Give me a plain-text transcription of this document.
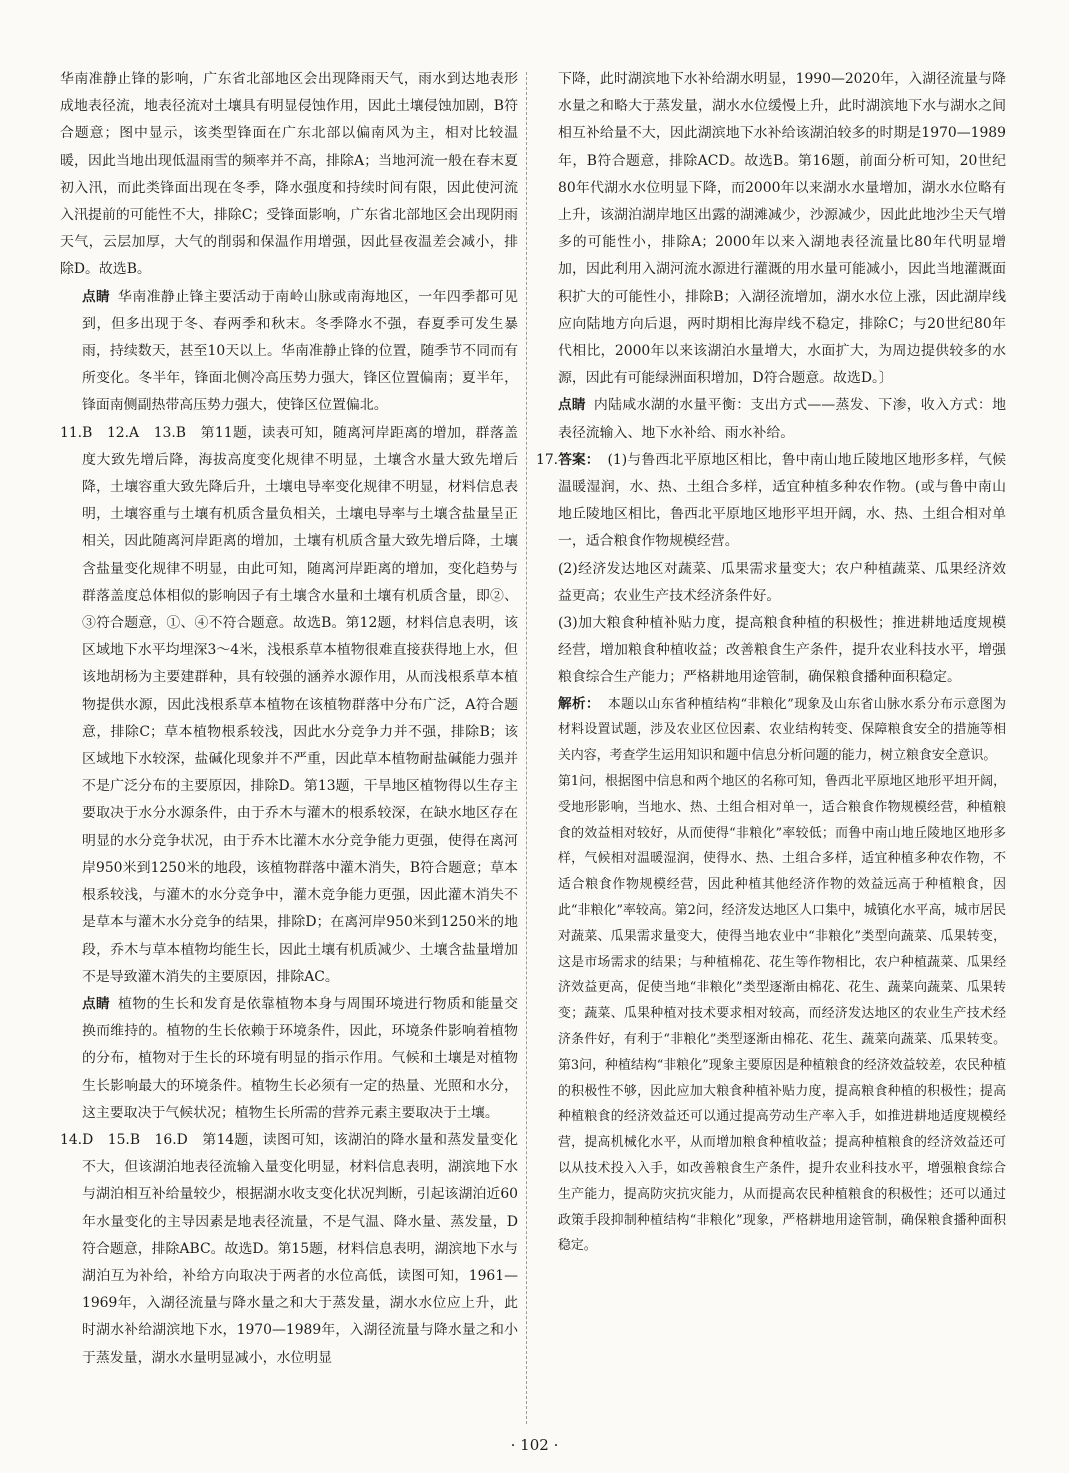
华南准静止锋的影响，广东省北部地区会出现降雨天气，雨水到达地表形成地表径流，地表径流对土壤具有明显侵蚀作用，因此土壤侵蚀加剧，B符合题意；图中显示，该类型锋面在广东北部以偏南风为主，相对比较温暖，因此当地出现低温雨雪的频率并不高，排除A；当地河流一般在春末夏初入汛，而此类锋面出现在冬季，降水强度和持续时间有限，因此使河流入汛提前的可能性不大，排除C；受锋面影响，广东省北部地区会出现阴雨天气，云层加厚，大气的削弱和保温作用增强，因此昼夜温差会减小，排除D。故选B。

点睛 华南准静止锋主要活动于南岭山脉或南海地区，一年四季都可见到，但多出现于冬、春两季和秋末。冬季降水不强，春夏季可发生暴雨，持续数天，甚至10天以上。华南准静止锋的位置，随季节不同而有所变化。冬半年，锋面北侧冷高压势力强大，锋区位置偏南；夏半年，锋面南侧副热带高压势力强大，使锋区位置偏北。

11.B　12.A　13.B　第11题，读表可知，随离河岸距离的增加，群落盖度大致先增后降，海拔高度变化规律不明显，土壤含水量大致先增后降，土壤容重大致先降后升，土壤电导率变化规律不明显，材料信息表明，土壤容重与土壤有机质含量负相关，土壤电导率与土壤含盐量呈正相关，因此随离河岸距离的增加，土壤有机质含量大致先增后降，土壤含盐量变化规律不明显，由此可知，随离河岸距离的增加，变化趋势与群落盖度总体相似的影响因子有土壤含水量和土壤有机质含量，即②、③符合题意，①、④不符合题意。故选B。第12题，材料信息表明，该区域地下水平均埋深3～4米，浅根系草本植物很难直接获得地上水，但该地胡杨为主要建群种，具有较强的涵养水源作用，从而浅根系草本植物提供水源，因此浅根系草本植物在该植物群落中分布广泛，A符合题意，排除C；草本植物根系较浅，因此水分竞争力并不强，排除B；该区域地下水较深，盐碱化现象并不严重，因此草本植物耐盐碱能力强并不是广泛分布的主要原因，排除D。第13题，干旱地区植物得以生存主要取决于水分水源条件，由于乔木与灌木的根系较深，在缺水地区存在明显的水分竞争状况，由于乔木比灌木水分竞争能力更强，使得在离河岸950米到1250米的地段，该植物群落中灌木消失，B符合题意；草本根系较浅，与灌木的水分竞争中，灌木竞争能力更强，因此灌木消失不是草本与灌木水分竞争的结果，排除D；在离河岸950米到1250米的地段，乔木与草本植物均能生长，因此土壤有机质减少、土壤含盐量增加不是导致灌木消失的主要原因，排除AC。

点睛 植物的生长和发育是依靠植物本身与周围环境进行物质和能量交换而维持的。植物的生长依赖于环境条件，因此，环境条件影响着植物的分布，植物对于生长的环境有明显的指示作用。气候和土壤是对植物生长影响最大的环境条件。植物生长必须有一定的热量、光照和水分，这主要取决于气候状况；植物生长所需的营养元素主要取决于土壤。

14.D　15.B　16.D　第14题，读图可知，该湖泊的降水量和蒸发量变化不大，但该湖泊地表径流输入量变化明显，材料信息表明，湖滨地下水与湖泊相互补给量较少，根据湖水收支变化状况判断，引起该湖泊近60年水量变化的主导因素是地表径流量，不是气温、降水量、蒸发量，D符合题意，排除ABC。故选D。第15题，材料信息表明，湖滨地下水与湖泊互为补给，补给方向取决于两者的水位高低，读图可知，1961—1969年，入湖径流量与降水量之和大于蒸发量，湖水水位应上升，此时湖水补给湖滨地下水，1970—1989年，入湖径流量与降水量之和小于蒸发量，湖水水量明显减小，水位明显

下降，此时湖滨地下水补给湖水明显，1990—2020年，入湖径流量与降水量之和略大于蒸发量，湖水水位缓慢上升，此时湖滨地下水与湖水之间相互补给量不大，因此湖滨地下水补给该湖泊较多的时期是1970—1989年，B符合题意，排除ACD。故选B。第16题，前面分析可知，20世纪80年代湖水水位明显下降，而2000年以来湖水水量增加，湖水水位略有上升，该湖泊湖岸地区出露的湖滩减少，沙源减少，因此此地沙尘天气增多的可能性小，排除A；2000年以来入湖地表径流量比80年代明显增加，因此利用入湖河流水源进行灌溉的用水量可能减小，因此当地灌溉面积扩大的可能性小，排除B；入湖径流增加，湖水水位上涨，因此湖岸线应向陆地方向后退，两时期相比海岸线不稳定，排除C；与20世纪80年代相比，2000年以来该湖泊水量增大，水面扩大，为周边提供较多的水源，因此有可能绿洲面积增加，D符合题意。故选D。〕

点睛 内陆咸水湖的水量平衡：支出方式——蒸发、下渗，收入方式：地表径流输入、地下水补给、雨水补给。

17.答案： (1)与鲁西北平原地区相比，鲁中南山地丘陵地区地形多样，气候温暖湿润，水、热、土组合多样，适宜种植多种农作物。(或与鲁中南山地丘陵地区相比，鲁西北平原地区地形平坦开阔，水、热、土组合相对单一，适合粮食作物规模经营。

(2)经济发达地区对蔬菜、瓜果需求量变大；农户种植蔬菜、瓜果经济效益更高；农业生产技术经济条件好。

(3)加大粮食种植补贴力度，提高粮食种植的积极性；推进耕地适度规模经营，增加粮食种植收益；改善粮食生产条件，提升农业科技水平，增强粮食综合生产能力；严格耕地用途管制，确保粮食播种面积稳定。

解析： 本题以山东省种植结构“非粮化”现象及山东省山脉水系分布示意图为材料设置试题，涉及农业区位因素、农业结构转变、保障粮食安全的措施等相关内容，考查学生运用知识和题中信息分析问题的能力，树立粮食安全意识。

第1问，根据图中信息和两个地区的名称可知，鲁西北平原地区地形平坦开阔，受地形影响，当地水、热、土组合相对单一，适合粮食作物规模经营，种植粮食的效益相对较好，从而使得“非粮化”率较低；而鲁中南山地丘陵地区地形多样，气候相对温暖湿润，使得水、热、土组合多样，适宜种植多种农作物，不适合粮食作物规模经营，因此种植其他经济作物的效益远高于种植粮食，因此“非粮化”率较高。第2问，经济发达地区人口集中，城镇化水平高，城市居民对蔬菜、瓜果需求量变大，使得当地农业中“非粮化”类型向蔬菜、瓜果转变，这是市场需求的结果；与种植棉花、花生等作物相比，农户种植蔬菜、瓜果经济效益更高，促使当地“非粮化”类型逐渐由棉花、花生、蔬菜向蔬菜、瓜果转变；蔬菜、瓜果种植对技术要求相对较高，而经济发达地区的农业生产技术经济条件好，有利于“非粮化”类型逐渐由棉花、花生、蔬菜向蔬菜、瓜果转变。第3问，种植结构“非粮化”现象主要原因是种植粮食的经济效益较差，农民种植的积极性不够，因此应加大粮食种植补贴力度，提高粮食种植的积极性；提高种植粮食的经济效益还可以通过提高劳动生产率入手，如推进耕地适度规模经营，提高机械化水平，从而增加粮食种植收益；提高种植粮食的经济效益还可以从技术投入入手，如改善粮食生产条件，提升农业科技水平，增强粮食综合生产能力，提高防灾抗灾能力，从而提高农民种植粮食的积极性；还可以通过政策手段抑制种植结构“非粮化”现象，严格耕地用途管制，确保粮食播种面积稳定。

· 102 ·
